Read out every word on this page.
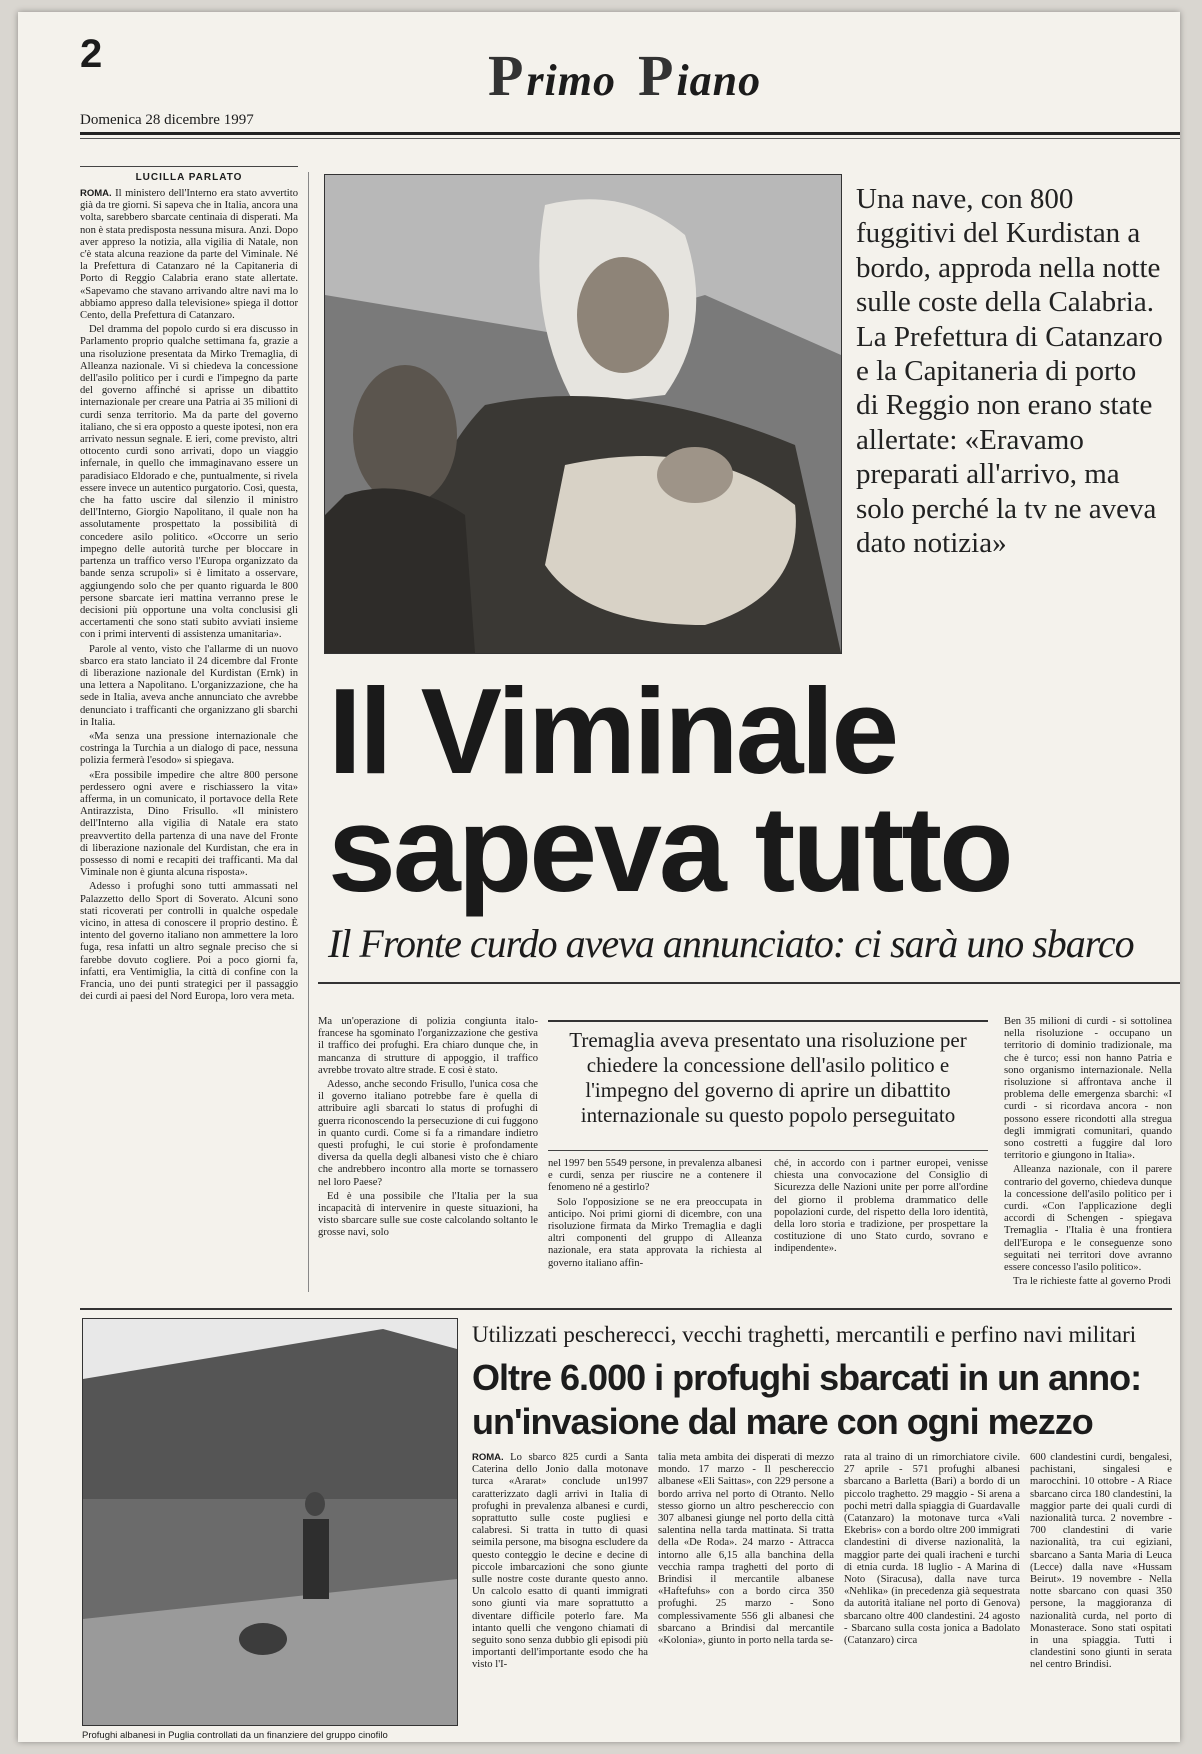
2	Primo Piano
Domenica 28 dicembre 1997
LUCILLA PARLATO

ROMA. Il ministero dell'Interno era stato avvertito già da tre giorni. Si sapeva che in Italia, ancora una volta, sarebbero sbarcate centinaia di disperati. Ma non è stata predisposta nessuna misura. Anzi. Dopo aver appreso la notizia, alla vigilia di Natale, non c'è stata alcuna reazione da parte del Viminale. Né la Prefettura di Catanzaro né la Capitaneria di Porto di Reggio Calabria erano state allertate. «Sapevamo che stavano arrivando altre navi ma lo abbiamo appreso dalla televisione» spiega il dottor Cento, della Prefettura di Catanzaro.

Del dramma del popolo curdo si era discusso in Parlamento proprio qualche settimana fa, grazie a una risoluzione presentata da Mirko Tremaglia, di Alleanza nazionale. Vi si chiedeva la concessione dell'asilo politico per i curdi e l'impegno da parte del governo affinché si aprisse un dibattito internazionale per creare una Patria ai 35 milioni di curdi senza territorio. Ma da parte del governo italiano, che si era opposto a queste ipotesi, non era arrivato nessun segnale. E ieri, come previsto, altri ottocento curdi sono arrivati, dopo un viaggio infernale, in quello che immaginavano essere un paradisiaco Eldorado e che, puntualmente, si rivela essere invece un autentico purgatorio. Così, questa, che ha fatto uscire dal silenzio il ministro dell'Interno, Giorgio Napolitano, il quale non ha assolutamente prospettato la possibilità di concedere asilo politico. «Occorre un serio impegno delle autorità turche per bloccare in partenza un traffico verso l'Europa organizzato da bande senza scrupoli» si è limitato a osservare, aggiungendo solo che per quanto riguarda le 800 persone sbarcate ieri mattina verranno prese le decisioni più opportune una volta conclusisi gli accertamenti che sono stati subito avviati insieme con i primi interventi di assistenza umanitaria».

Parole al vento, visto che l'allarme di un nuovo sbarco era stato lanciato il 24 dicembre dal Fronte di liberazione nazionale del Kurdistan (Ernk) in una lettera a Napolitano. L'organizzazione, che ha sede in Italia, aveva anche annunciato che avrebbe denunciato i trafficanti che organizzano gli sbarchi in Italia.

«Ma senza una pressione internazionale che costringa la Turchia a un dialogo di pace, nessuna polizia fermerà l'esodo» si spiegava.

«Era possibile impedire che altre 800 persone perdessero ogni avere e rischiassero la vita» afferma, in un comunicato, il portavoce della Rete Antirazzista, Dino Frisullo. «Il ministero dell'Interno alla vigilia di Natale era stato preavvertito della partenza di una nave del Fronte di liberazione nazionale del Kurdistan, che era in possesso di nomi e recapiti dei trafficanti. Ma dal Viminale non è giunta alcuna risposta».

Adesso i profughi sono tutti ammassati nel Palazzetto dello Sport di Soverato. Alcuni sono stati ricoverati per controlli in qualche ospedale vicino, in attesa di conoscere il proprio destino. È intento del governo italiano non ammettere la loro fuga, resa infatti un altro segnale preciso che si farebbe dovuto cogliere. Poi a poco giorni fa, infatti, era Ventimiglia, la città di confine con la Francia, uno dei punti strategici per il passaggio dei curdi ai paesi del Nord Europa, loro vera meta.

Una nave, con 800 fuggitivi del Kurdistan a bordo, approda nella notte sulle coste della Calabria. La Prefettura di Catanzaro e la Capitaneria di porto di Reggio non erano state allertate: «Eravamo preparati all'arrivo, ma solo perché la tv ne aveva dato notizia»
Il Viminale
sapeva tutto
Il Fronte curdo aveva annunciato: ci sarà uno sbarco

Ma un'operazione di polizia congiunta italo-francese ha sgominato l'organizzazione che gestiva il traffico dei profughi. Era chiaro dunque che, in mancanza di strutture di appoggio, il traffico avrebbe trovato altre strade. E così è stato.

Adesso, anche secondo Frisullo, l'unica cosa che il governo italiano potrebbe fare è quella di attribuire agli sbarcati lo status di profughi di guerra riconoscendo la persecuzione di cui fuggono in quanto curdi. Come si fa a rimandare indietro questi profughi, le cui storie è profondamente diversa da quella degli albanesi visto che è chiaro che andrebbero incontro alla morte se tornassero nel loro Paese?

Ed è una possibile che l'Italia per la sua incapacità di intervenire in queste situazioni, ha visto sbarcare sulle sue coste calcolando soltanto le grosse navi, solo

Tremaglia aveva presentato una risoluzione per chiedere la concessione dell'asilo politico e l'impegno del governo di aprire un dibattito internazionale su questo popolo perseguitato

nel 1997 ben 5549 persone, in prevalenza albanesi e curdi, senza per riuscire ne a contenere il fenomeno né a gestirlo?

Solo l'opposizione se ne era preoccupata in anticipo. Noi primi giorni di dicembre, con una risoluzione firmata da Mirko Tremaglia e dagli altri componenti del gruppo di Alleanza nazionale, era stata approvata la richiesta al governo italiano affin-

ché, in accordo con i partner europei, venisse chiesta una convocazione del Consiglio di Sicurezza delle Nazioni unite per porre all'ordine del giorno il problema drammatico delle popolazioni curde, del rispetto della loro identità, della loro storia e tradizione, per prospettare la costituzione di uno Stato curdo, sovrano e indipendente».

Ben 35 milioni di curdi - si sottolinea nella risoluzione - occupano un territorio di dominio tradizionale, ma che è turco; essi non hanno Patria e sono organismo internazionale. Nella risoluzione si affrontava anche il problema delle emergenza sbarchi: «I curdi - si ricordava ancora - non possono essere ricondotti alla stregua degli immigrati comunitari, quando sono costretti a fuggire dal loro territorio e giungono in Italia».

Alleanza nazionale, con il parere contrario del governo, chiedeva dunque la concessione dell'asilo politico per i curdi. «Con l'applicazione degli accordi di Schengen - spiegava Tremaglia - l'Italia è una frontiera dell'Europa e le conseguenze sono seguitati nei territori dove avranno essere concesso l'asilo politico».

Tra le richieste fatte al governo Prodi

Profughi albanesi in Puglia controllati da un finanziere del gruppo cinofilo
Utilizzati pescherecci, vecchi traghetti, mercantili e perfino navi militari
Oltre 6.000 i profughi sbarcati in un anno:
un'invasione dal mare con ogni mezzo

ROMA. Lo sbarco 825 curdi a Santa Caterina dello Jonio dalla motonave turca «Ararat» conclude un1997 caratterizzato dagli arrivi in Italia di profughi in prevalenza albanesi e curdi, soprattutto sulle coste pugliesi e calabresi. Si tratta in tutto di quasi seimila persone, ma bisogna escludere da questo conteggio le decine e decine di piccole imbarcazioni che sono giunte sulle nostre coste durante questo anno. Un calcolo esatto di quanti immigrati sono giunti via mare soprattutto a diventare difficile poterlo fare. Ma intanto quelli che vengono chiamati di seguito sono senza dubbio gli episodi più importanti dell'importante esodo che ha visto l'I-

talia meta ambita dei disperati di mezzo mondo. 17 marzo - Il peschereccio albanese «Eli Saittas», con 229 persone a bordo arriva nel porto di Otranto. Nello stesso giorno un altro peschereccio con 307 albanesi giunge nel porto della città salentina nella tarda mattinata. Si tratta della «De Roda». 24 marzo - Attracca intorno alle 6,15 alla banchina della vecchia rampa traghetti del porto di Brindisi il mercantile albanese «Haftefuhs» con a bordo circa 350 profughi. 25 marzo - Sono complessivamente 556 gli albanesi che sbarcano a Brindisi dal mercantile «Kolonia», giunto in porto nella tarda se-

rata al traino di un rimorchiatore civile. 27 aprile - 571 profughi albanesi sbarcano a Barletta (Bari) a bordo di un piccolo traghetto. 29 maggio - Si arena a pochi metri dalla spiaggia di Guardavalle (Catanzaro) la motonave turca «Vali Ekebris» con a bordo oltre 200 immigrati clandestini di diverse nazionalità, la maggior parte dei quali iracheni e turchi di etnia curda. 18 luglio - A Marina di Noto (Siracusa), dalla nave turca «Nehlika» (in precedenza già sequestrata da autorità italiane nel porto di Genova) sbarcano oltre 400 clandestini. 24 agosto - Sbarcano sulla costa jonica a Badolato (Catanzaro) circa

600 clandestini curdi, bengalesi, pachistani, singalesi e marocchini. 10 ottobre - A Riace sbarcano circa 180 clandestini, la maggior parte dei quali curdi di nazionalità turca. 2 novembre - 700 clandestini di varie nazionalità, tra cui egiziani, sbarcano a Santa Maria di Leuca (Lecce) dalla nave «Hussam Beirut». 19 novembre - Nella notte sbarcano con quasi 350 persone, la maggioranza di nazionalità curda, nel porto di Monasterace. Sono stati ospitati in una spiaggia. Tutti i clandestini sono giunti in serata nel centro Brindisi.
